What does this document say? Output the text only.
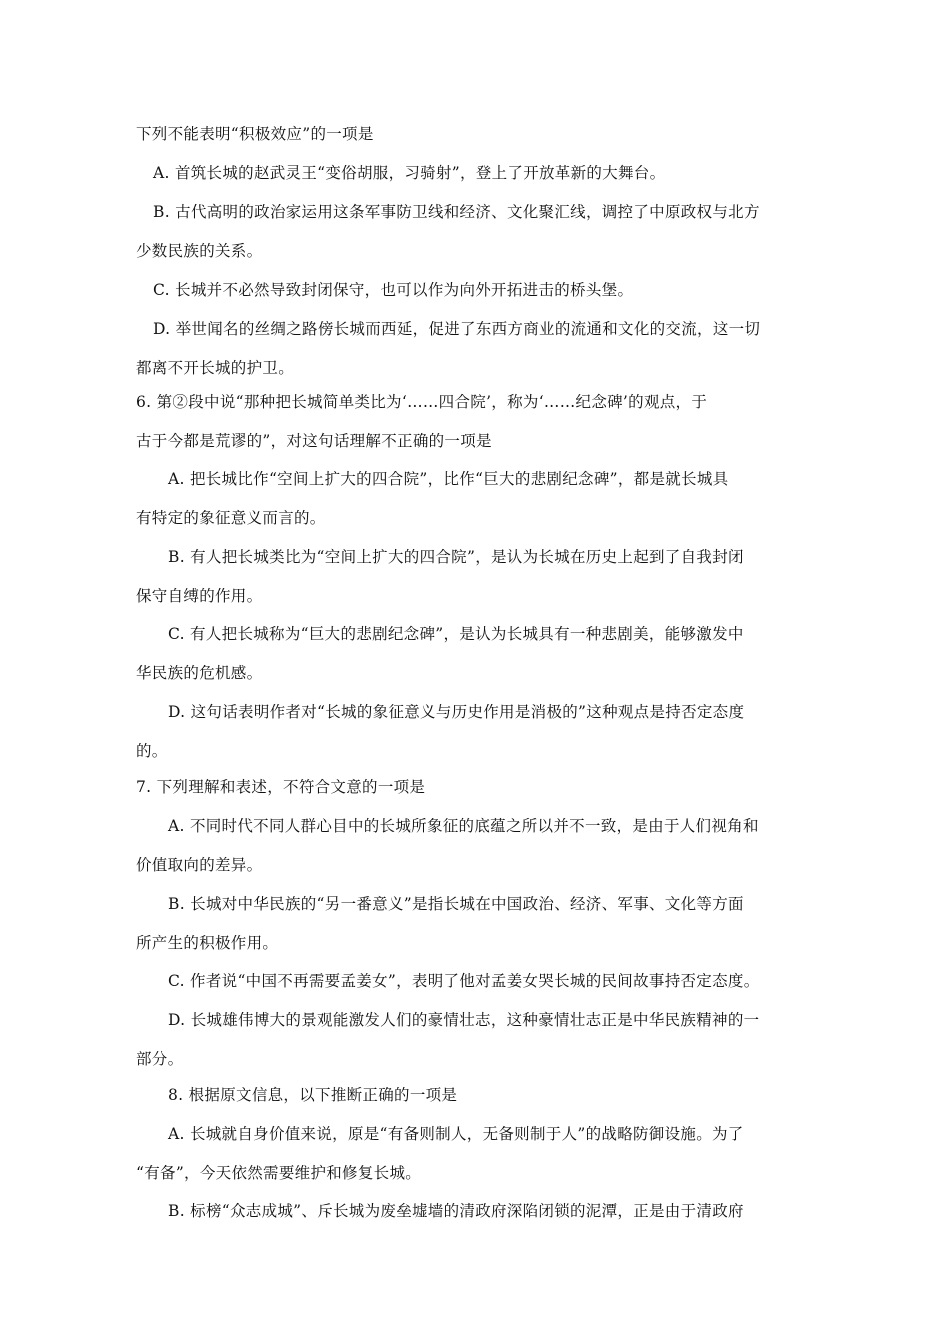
下列不能表明“积极效应”的一项是
A. 首筑长城的赵武灵王“变俗胡服，习骑射”，登上了开放革新的大舞台。
B. 古代高明的政治家运用这条军事防卫线和经济、文化聚汇线，调控了中原政权与北方
少数民族的关系。
C. 长城并不必然导致封闭保守，也可以作为向外开拓进击的桥头堡。
D. 举世闻名的丝绸之路傍长城而西延，促进了东西方商业的流通和文化的交流，这一切
都离不开长城的护卫。
6. 第②段中说“那种把长城简单类比为‘……四合院’，称为‘……纪念碑’的观点，于
古于今都是荒谬的”，对这句话理解不正确的一项是
A. 把长城比作“空间上扩大的四合院”，比作“巨大的悲剧纪念碑”，都是就长城具
有特定的象征意义而言的。
B. 有人把长城类比为“空间上扩大的四合院”，是认为长城在历史上起到了自我封闭
保守自缚的作用。
C. 有人把长城称为“巨大的悲剧纪念碑”，是认为长城具有一种悲剧美，能够激发中
华民族的危机感。
D. 这句话表明作者对“长城的象征意义与历史作用是消极的”这种观点是持否定态度
的。
7. 下列理解和表述，不符合文意的一项是
A. 不同时代不同人群心目中的长城所象征的底蕴之所以并不一致，是由于人们视角和
价值取向的差异。
B. 长城对中华民族的“另一番意义”是指长城在中国政治、经济、军事、文化等方面
所产生的积极作用。
C. 作者说“中国不再需要孟姜女”，表明了他对孟姜女哭长城的民间故事持否定态度。
D. 长城雄伟博大的景观能激发人们的豪情壮志，这种豪情壮志正是中华民族精神的一
部分。
8. 根据原文信息，以下推断正确的一项是
A. 长城就自身价值来说，原是“有备则制人，无备则制于人”的战略防御设施。为了
“有备”，今天依然需要维护和修复长城。
B. 标榜“众志成城”、斥长城为废垒墟墙的清政府深陷闭锁的泥潭，正是由于清政府
